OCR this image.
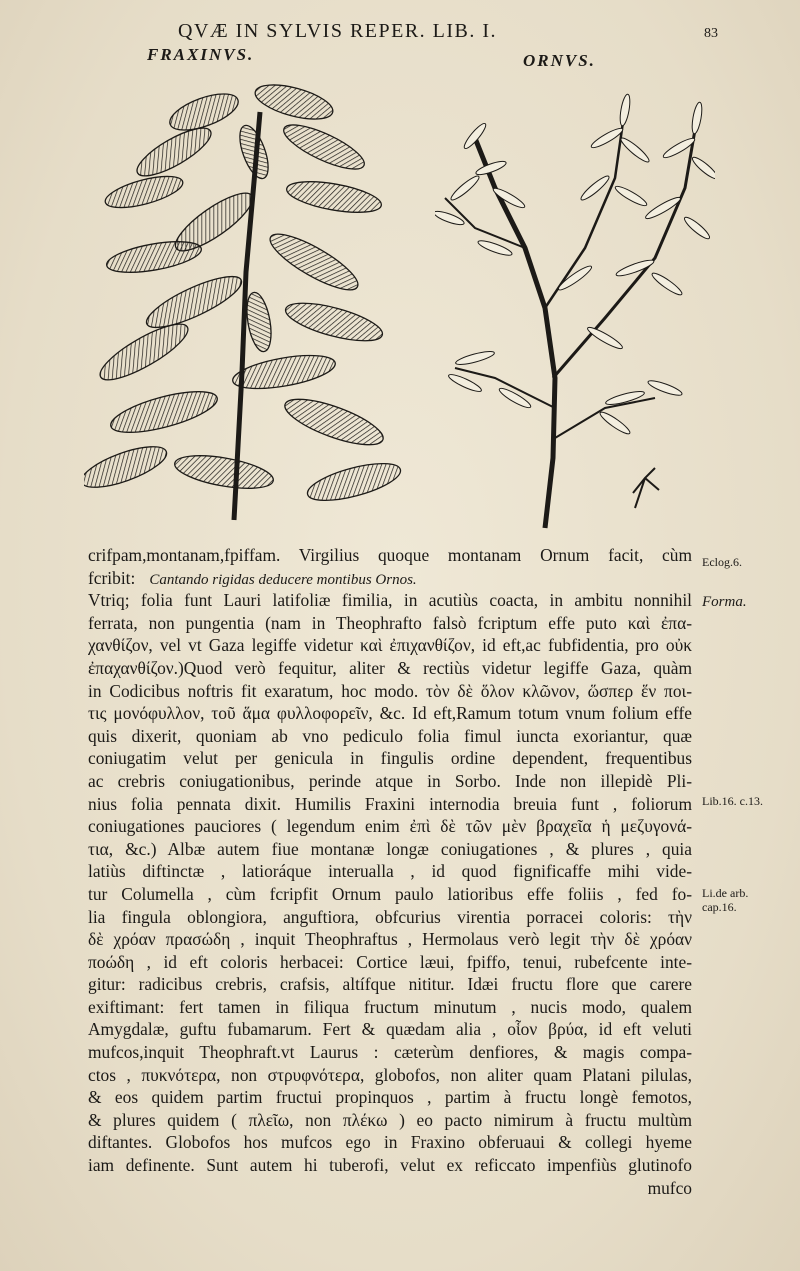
QVÆ IN SYLVIS REPER. LIB. I.	83
FRAXINVS.	ORNVS.
crifpam,montanam,fpiffam. Virgilius quoque montanam Ornum facit, cùm
fcribit: Cantando rigidas deducere montibus Ornos.
Vtriq; folia funt Lauri latifoliæ fimilia, in acutiùs coacta, in ambitu nonnihil
ferrata, non pungentia (nam in Theophrafto falsò fcriptum effe puto καὶ ἐπα-
χανθίζον, vel vt Gaza legiffe videtur καὶ ἐπιχανθίζον, id eft,ac fubfidentia, pro οὐκ
ἐπαχανθίζον.)Quod verò fequitur, aliter & rectiùs videtur legiffe Gaza, quàm
in Codicibus noftris fit exaratum, hoc modo. τὸν δὲ ὅλον κλῶνον, ὥσπερ ἕν ποι-
τις μονόφυλλον, τοῦ ἅμα φυλλοφορεῖν, &c. Id eft,Ramum totum vnum folium effe
quis dixerit, quoniam ab vno pediculo folia fimul iuncta exoriantur, quæ
coniugatim velut per genicula in fingulis ordine dependent, frequentibus
ac crebris coniugationibus, perinde atque in Sorbo. Inde non illepidè Pli-
nius folia pennata dixit. Humilis Fraxini internodia breuia funt , foliorum
coniugationes pauciores ( legendum enim ἐπὶ δὲ τῶν μὲν βραχεῖα ἡ μεζυγονά-
τια, &c.) Albæ autem fiue montanæ longæ coniugationes , & plures , quia
latiùs diftinctæ , latioráque interualla , id quod fignificaffe mihi vide-
tur Columella , cùm fcripfit Ornum paulo latioribus effe foliis , fed fo-
lia fingula oblongiora, anguftiora, obfcurius virentia porracei coloris: τὴν
δὲ χρόαν πρασώδη , inquit Theophraftus , Hermolaus verò legit τὴν δὲ χρόαν
ποώδη , id eft coloris herbacei: Cortice læui, fpiffo, tenui, rubefcente inte-
gitur: radicibus crebris, crafsis, altífque nititur. Idæi fructu flore que carere
exiftimant: fert tamen in filiqua fructum minutum , nucis modo, qualem
Amygdalæ, guftu fubamarum. Fert & quædam alia , οἷον βρύα, id eft veluti
mufcos,inquit Theophraft.vt Laurus : cæterùm denfiores, & magis compa-
ctos , πυκνότερα, non στρυφνότερα, globofos, non aliter quam Platani pilulas,
& eos quidem partim fructui propinquos , partim à fructu longè femotos,
& plures quidem ( πλεῖω, non πλέκω ) eo pacto nimirum à fructu multùm
diftantes. Globofos hos mufcos ego in Fraxino obferuaui & collegi hyeme
iam definente. Sunt autem hi tuberofi, velut ex reficcato impenfiùs glutinofo
mufco
Eclog.6.
Forma.
Lib.16. c.13.
Li.de arb.
cap.16.
